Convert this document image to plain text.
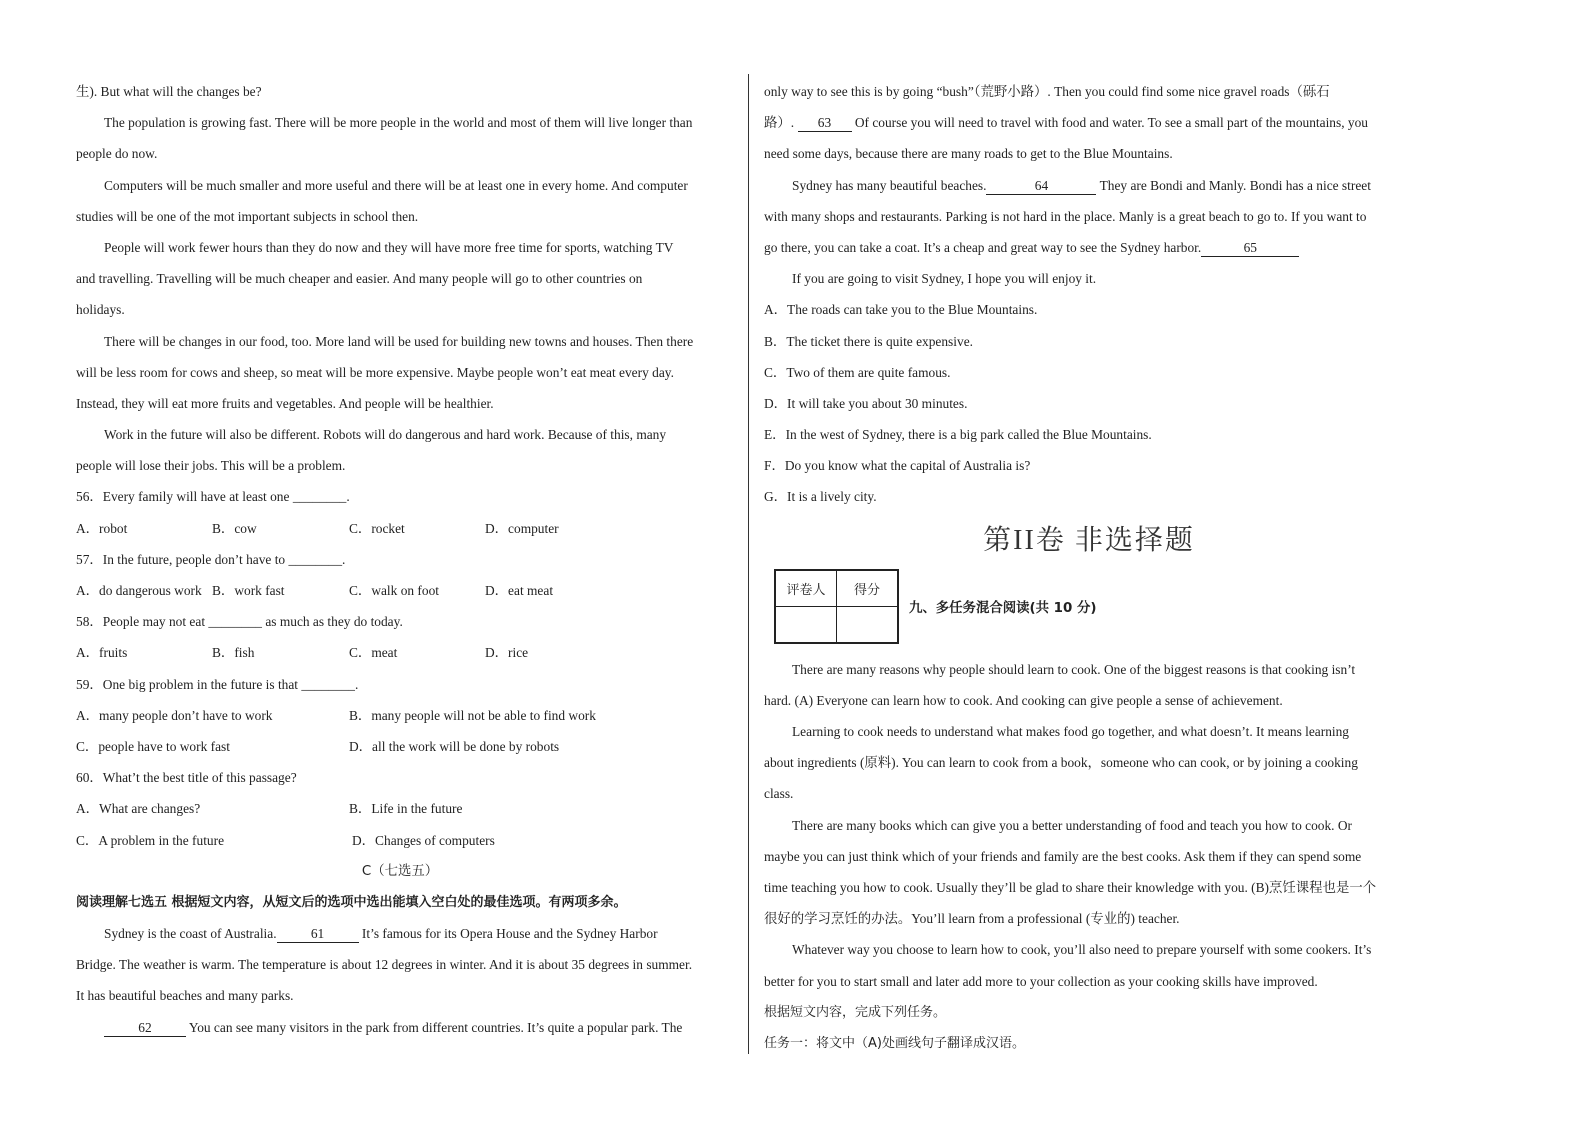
生). But what will the changes be?
The population is growing fast. There will be more people in the world and most of them will live longer than
people do now.
Computers will be much smaller and more useful and there will be at least one in every home. And computer
studies will be one of the mot important subjects in school then.
People will work fewer hours than they do now and they will have more free time for sports, watching TV
and travelling. Travelling will be much cheaper and easier. And many people will go to other countries on
holidays.
There will be changes in our food, too. More land will be used for building new towns and houses. Then there
will be less room for cows and sheep, so meat will be more expensive. Maybe people won’t eat meat every day.
Instead, they will eat more fruits and vegetables. And people will be healthier.
Work in the future will also be different. Robots will do dangerous and hard work. Because of this, many
people will lose their jobs. This will be a problem.
56．Every family will have at least one ________.
A．robot	B．cow	C．rocket	D．computer
57．In the future, people don’t have to ________.
A．do dangerous work B．work fast	C．walk on foot	D．eat meat
58．People may not eat ________ as much as they do today.
A．fruits	B．fish	C．meat	D．rice
59．One big problem in the future is that ________.
A．many people don’t have to work	B．many people will not be able to find work
C．people have to work fast	D．all the work will be done by robots
60．What’t the best title of this passage?
A．What are changes?	B．Life in the future
C．A problem in the future	D．Changes of computers
C（七选五）
阅读理解七选五 根据短文内容，从短文后的选项中选出能填入空白处的最佳选项。有两项多余。
Sydney is the coast of Australia.	61	It’s famous for its Opera House and the Sydney Harbor
Bridge. The weather is warm. The temperature is about 12 degrees in winter. And it is about 35 degrees in summer.
It has beautiful beaches and many parks.
62	You can see many visitors in the park from different countries. It’s quite a popular park. The
only way to see this is by going “bush”（荒野小路）. Then you could find some nice gravel roads（砾石
路）. 63 Of course you will need to travel with food and water. To see a small part of the mountains, you
need some days, because there are many roads to get to the Blue Mountains.
Sydney has many beautiful beaches.	64	They are Bondi and Manly. Bondi has a nice street
with many shops and restaurants. Parking is not hard in the place. Manly is a great beach to go to. If you want to
go there, you can take a coat. It’s a cheap and great way to see the Sydney harbor.	65
If you are going to visit Sydney, I hope you will enjoy it.
A．The roads can take you to the Blue Mountains.
B．The ticket there is quite expensive.
C．Two of them are quite famous.
D．It will take you about 30 minutes.
E．In the west of Sydney, there is a big park called the Blue Mountains.
F．Do you know what the capital of Australia is?
G．It is a lively city.
第II卷 非选择题
评卷人	得分

九、多任务混合阅读(共 10 分)
There are many reasons why people should learn to cook. One of the biggest reasons is that cooking isn’t
hard. (A) Everyone can learn how to cook. And cooking can give people a sense of achievement.
Learning to cook needs to understand what makes food go together, and what doesn’t. It means learning
about ingredients (原料). You can learn to cook from a book，someone who can cook, or by joining a cooking
class.
There are many books which can give you a better understanding of food and teach you how to cook. Or
maybe you can just think which of your friends and family are the best cooks. Ask them if they can spend some
time teaching you how to cook. Usually they’ll be glad to share their knowledge with you. (B)烹饪课程也是一个
很好的学习烹饪的办法。You’ll learn from a professional (专业的) teacher.
Whatever way you choose to learn how to cook, you’ll also need to prepare yourself with some cookers. It’s
better for you to start small and later add more to your collection as your cooking skills have improved.
根据短文内容，完成下列任务。
任务一：将文中（A)处画线句子翻译成汉语。
